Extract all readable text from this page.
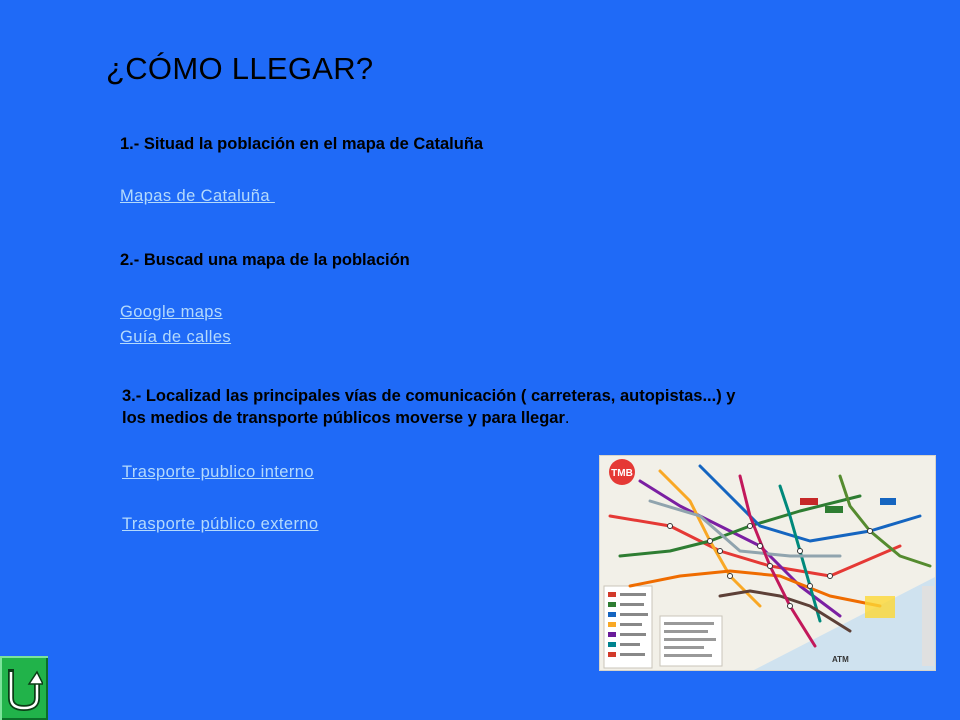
¿CÓMO LLEGAR?

1.- Situad la población en el mapa de Cataluña

Mapas de Cataluña

2.- Buscad una mapa de la población

Google maps
Guía de calles

3.- Localizad las principales vías de comunicación ( carreteras, autopistas...) y
los medios de transporte públicos moverse y para llegar.

Trasporte publico interno
Trasporte público externo
TMB
ATM
